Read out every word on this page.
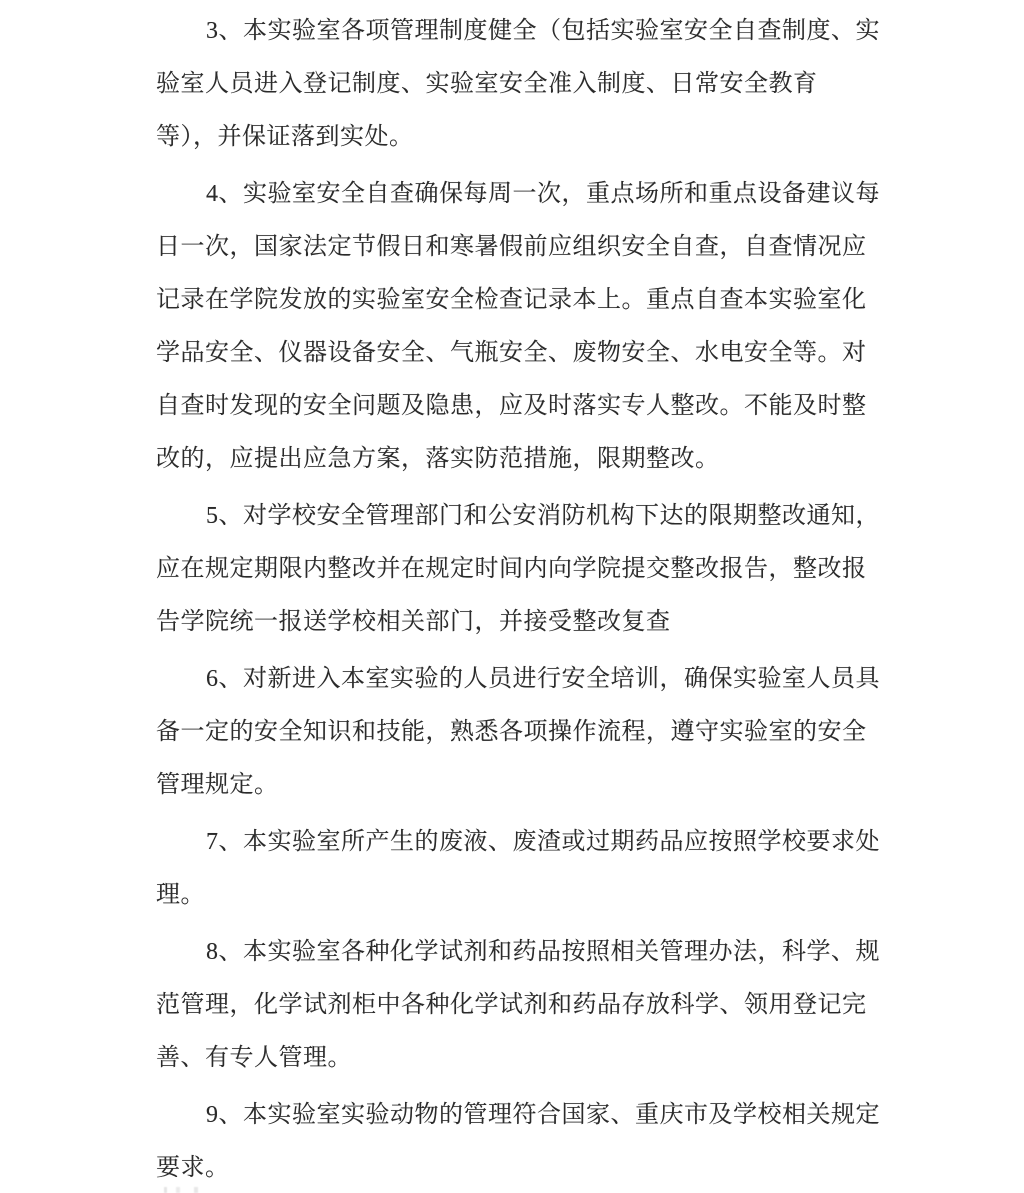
3、本实验室各项管理制度健全（包括实验室安全自查制度、实
验室人员进入登记制度、实验室安全准入制度、日常安全教育
等），并保证落到实处。
4、实验室安全自查确保每周一次，重点场所和重点设备建议每
日一次，国家法定节假日和寒暑假前应组织安全自查，自查情况应
记录在学院发放的实验室安全检查记录本上。重点自查本实验室化
学品安全、仪器设备安全、气瓶安全、废物安全、水电安全等。对
自查时发现的安全问题及隐患，应及时落实专人整改。不能及时整
改的，应提出应急方案，落实防范措施，限期整改。
5、对学校安全管理部门和公安消防机构下达的限期整改通知，
应在规定期限内整改并在规定时间内向学院提交整改报告，整改报
告学院统一报送学校相关部门，并接受整改复查
6、对新进入本室实验的人员进行安全培训，确保实验室人员具
备一定的安全知识和技能，熟悉各项操作流程，遵守实验室的安全
管理规定。
7、本实验室所产生的废液、废渣或过期药品应按照学校要求处
理。
8、本实验室各种化学试剂和药品按照相关管理办法，科学、规
范管理，化学试剂柜中各种化学试剂和药品存放科学、领用登记完
善、有专人管理。
9、本实验室实验动物的管理符合国家、重庆市及学校相关规定
要求。
